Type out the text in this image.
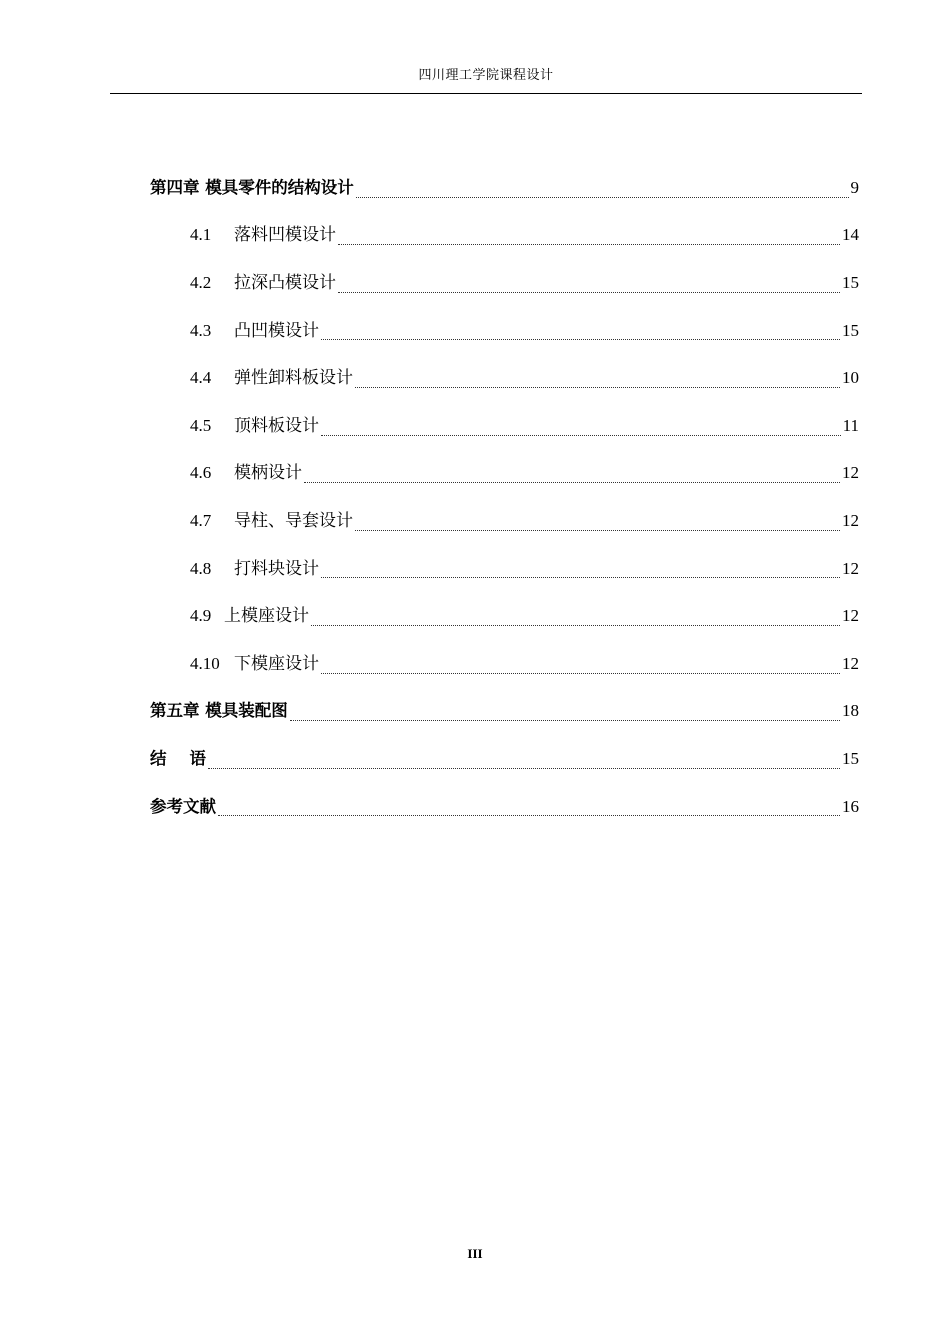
四川理工学院课程设计
第四章 模具零件的结构设计	9
4.1	落料凹模设计	14
4.2	拉深凸模设计	15
4.3	凸凹模设计	15
4.4	弹性卸料板设计	10
4.5	顶料板设计	11
4.6	模柄设计	12
4.7	导柱、导套设计	12
4.8	打料块设计	12
4.9 上模座设计	12
4.10 下模座设计	12
第五章 模具装配图	18
结    语	15
参考文献	16
III
